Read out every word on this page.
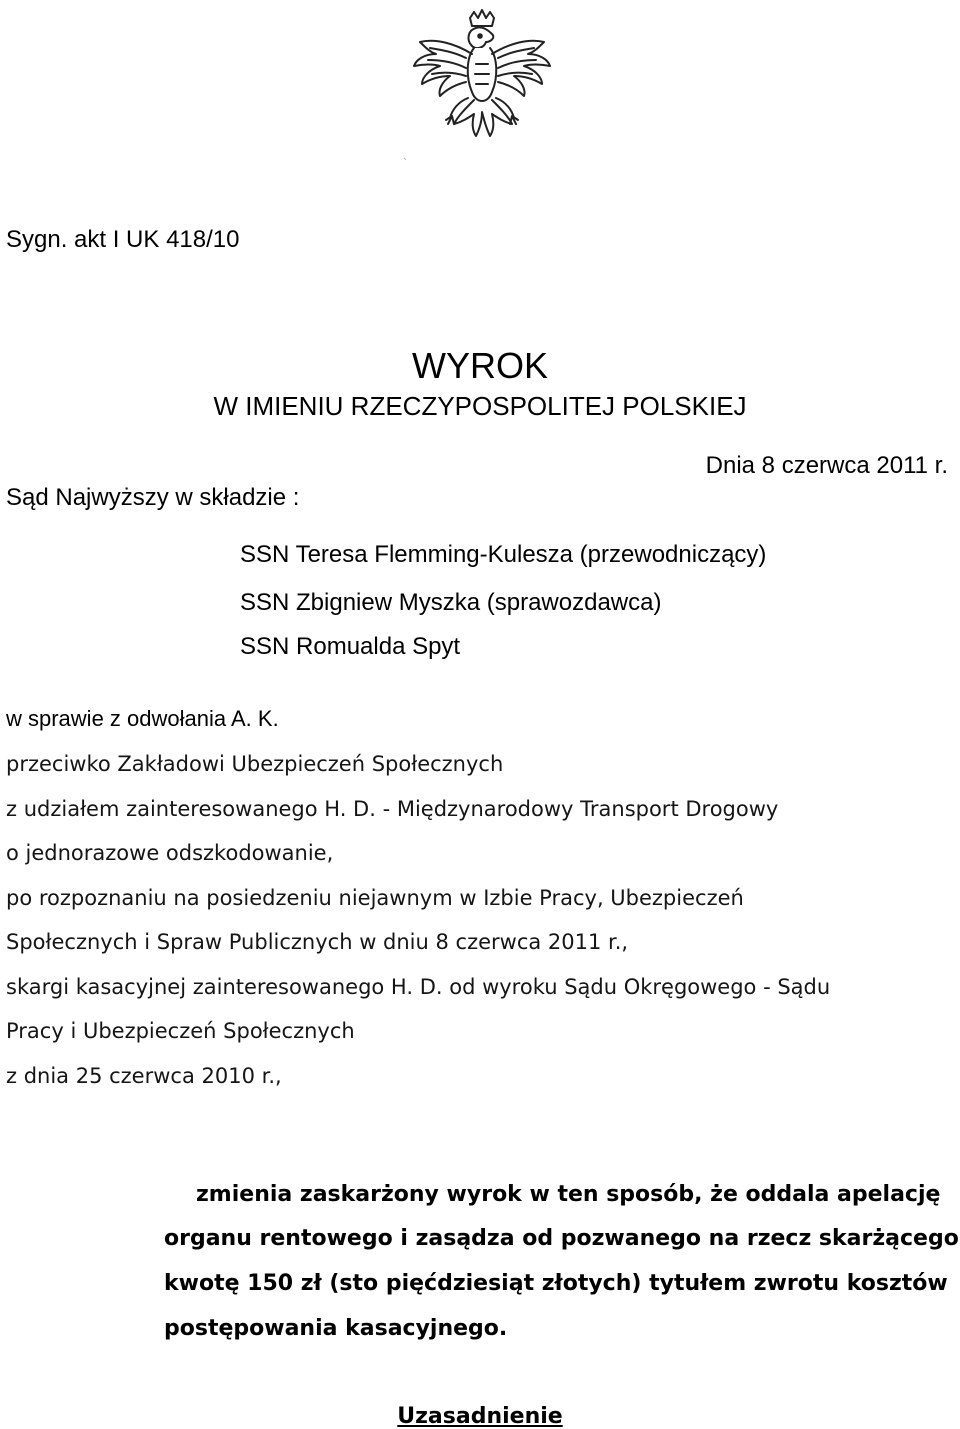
Sygn. akt I UK 418/10
WYROK
W IMIENIU RZECZYPOSPOLITEJ POLSKIEJ
Dnia 8 czerwca 2011 r.
Sąd Najwyższy w składzie :
SSN Teresa Flemming-Kulesza (przewodniczący)
SSN Zbigniew Myszka (sprawozdawca)
SSN Romualda Spyt
w sprawie z odwołania A. K.
przeciwko Zakładowi Ubezpieczeń Społecznych
z udziałem zainteresowanego H. D. - Międzynarodowy Transport Drogowy
o jednorazowe odszkodowanie,
po rozpoznaniu na posiedzeniu niejawnym w Izbie Pracy, Ubezpieczeń
Społecznych i Spraw Publicznych w dniu 8 czerwca 2011 r.,
skargi kasacyjnej zainteresowanego H. D. od wyroku Sądu Okręgowego - Sądu
Pracy i Ubezpieczeń Społecznych
z dnia 25 czerwca 2010 r.,
zmienia zaskarżony wyrok w ten sposób, że oddala apelację
organu rentowego i zasądza od pozwanego na rzecz skarżącego
kwotę 150 zł (sto pięćdziesiąt złotych) tytułem zwrotu kosztów
postępowania kasacyjnego.
Uzasadnienie
